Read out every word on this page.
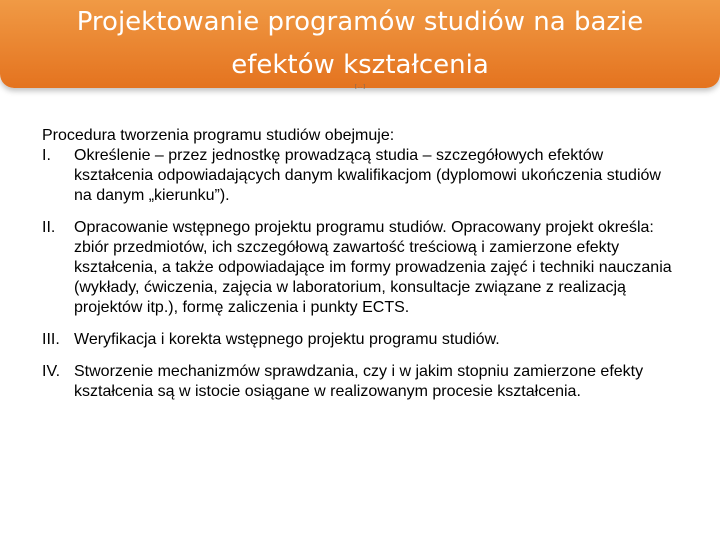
Projektowanie programów studiów na bazie efektów kształcenia
[ ... ]

Procedura tworzenia programu studiów obejmuje:

I.	Określenie – przez jednostkę prowadzącą studia – szczegółowych efektów kształcenia odpowiadających danym kwalifikacjom (dyplomowi ukończenia studiów na danym „kierunku”).
II.	Opracowanie wstępnego projektu programu studiów. Opracowany projekt określa: zbiór przedmiotów, ich szczegółową zawartość treściową i zamierzone efekty kształcenia, a także odpowiadające im formy prowadzenia zajęć i techniki nauczania (wykłady, ćwiczenia, zajęcia w laboratorium, konsultacje związane z realizacją projektów itp.), formę zaliczenia i punkty ECTS.
III. Weryfikacja i korekta wstępnego projektu programu studiów.
IV. Stworzenie mechanizmów sprawdzania, czy i w jakim stopniu zamierzone efekty kształcenia są w istocie osiągane w realizowanym procesie kształcenia.
